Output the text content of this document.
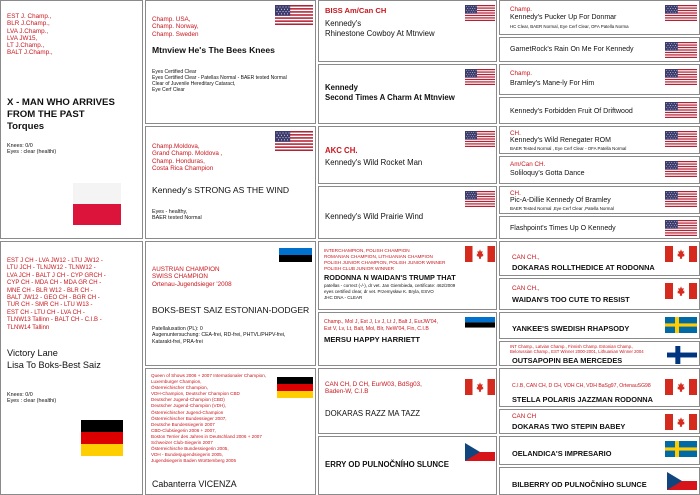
EST J. Champ.,
BLR J.Champ.,
LVA J.Champ.,
LVA JW15,
LT J.Champ.,
BALT J.Champ.,
X - MAN WHO ARRIVES
FROM THE PAST
Torques
Knees: 0/0
Eyes : clear (healthi)
EST J CH - LVA JW12 - LTU JW12 -
LTU JCH - TLNJW12 - TLNW12 -
LVA JCH - BALT J CH - CYP GRCH -
CYP CH - MDA CH - MDA GR CH -
MNE CH - BLR W12 - BLR CH -
BALT JW12 - GEO CH - BGR CH -
TUR CH - SMR CH - LTU W13 -
EST CH - LTU CH - LVA CH -
TLNW13 Tallinn - BALT CH - C.I.B -
TLNW14 Tallinn
Victory Lane
Lisa To Boks-Best Saiz
Knees: 0/0
Eyes : clear (healthi)
Champ. USA,
Champ. Norway,
Champ. Sweden
Mtnview He's The Bees Knees
Eyes Certified Clear
Eyes Certified Clear - Patellas Normal - BAER tested Normal
Clear of Juvenile Hereditary Cataract,
Eye Cerf Clear
Champ.Moldova,
Grand Champ. Moldova ,
Champ. Honduras,
Costa Rica Champion
Kennedy's STRONG AS THE WIND
Eyes - healthy,
BAER tested Normal
AUSTRIAN CHAMPION
SWISS CHAMPION
Ortenau-Jugendsieger '2008
BOKS-BEST SAIZ ESTONIAN-DODGER
Patellaluxation (PL): 0
Augenuntersuchung: CEA-frei, RD-frei, PHTVL/PHPV-frei,
Katarakt-frei, PRA-frei
Queen of Shows 2006 + 2007 Internationaler Champion,
Luxemburger Champion,
Österreichischer Champion,
VDH-Champion, Deutscher Champion CBD
Deutscher Jugend-Champion (CBD)
Deutscher Jugend-Champion (VDH),
Österreichischer Jugend-Champion
Österreichischer Bundessieger 2007,
Deutsche Bundessiegerin 2007
CBD-Clubsiegerin 2006 + 2007,
Boston Terrier des Jahres in Deutschland 2006 + 2007
Schweizer Club-Siegerin 2007
Österreichische Bundessiegerin 2005,
VDH - Bundesjugendsiegerin 2005,
Jugendsiegerin Baden Württemberg 2005
Cabanterra VICENZA
BISS Am/Can CH
Kennedy's
Rhinestone Cowboy At Mtnview
Kennedy
Second Times A Charm At Mtnview
AKC CH.
Kennedy's Wild Rocket Man
Kennedy's Wild Prairie Wind
INTERCHAMPION, POLISH CHAMPION
ROMANIAN CHAMPION, LITHUANIAN CHAMPION
POLISH JUNIOR CHAMPION, POLISH JUNIOR WINNER
POLISH CLUB JUNIOR WINNER
RODONNA N WAIDAN'S TRUMP THAT
patellas - correct (-/-), dr vet. Jan Giembieda, certificate: 462/2009
eyes certified clear, dr vet. Przemysław K. Bryla, ESVO
JHC DNA - CLEAR
Champ., Mol J, Est J, Lv J, Lt J, Balt J, EurJW'04,
Est V, Lv, Lt, Balt, Mol, Blr, NeW'04, Fin, C.I.B
MERSU HAPPY HARRIETT
CAN CH, D CH, EurW03, BdSg03,
Baden-W, C.I.B
DOKARAS RAZZ MA TAZZ
ERRY OD PULNOČNÍHO SLUNCE
Champ.
Kennedy's Pucker Up For Donmar
HC Clear, BAER Normal, Eye Cerf Clear, OFA Patella Norma
GarnetRock's Rain On Me For Kennedy
Champ.
Bramley's Mane-ly For Him
Kennedy's Forbidden Fruit Of Driftwood
CH.
Kennedy's Wild Renegater ROM
BAER Tested Normal , Eye Cerf Clear - OFA Patella Normal
Am/Can CH.
Soliloquy's Gotta Dance
CH.
Pic-A-Dillie Kennedy Of Bramley
BAER Tested Normal ,Eye Cerf Clear ,Patella Normal
Flashpoint's Times Up O Kennedy
CAN CH.,
DOKARAS ROLLTHEDICE AT RODONNA
CAN CH.,
WAIDAN'S TOO CUTE TO RESIST
YANKEE'S SWEDISH RHAPSODY
INT Champ., Latvian Champ., Finnish Champ. Estonian Champ.,
Belorussian Champ., EST Winner 2000-2001, Lithuanian Winner 2004
OUTSAPOPIN BEA MERCEDES
C.I.B, CAN CH, D CH, VDH CH, VDH BaSg97, OrtenauSG98
STELLA POLARIS JAZZMAN RODONNA
CAN CH
DOKARAS TWO STEPIN BABEY
OELANDICA'S IMPRESARIO
BILBERRY OD PULNOČNÍHO SLUNCE
